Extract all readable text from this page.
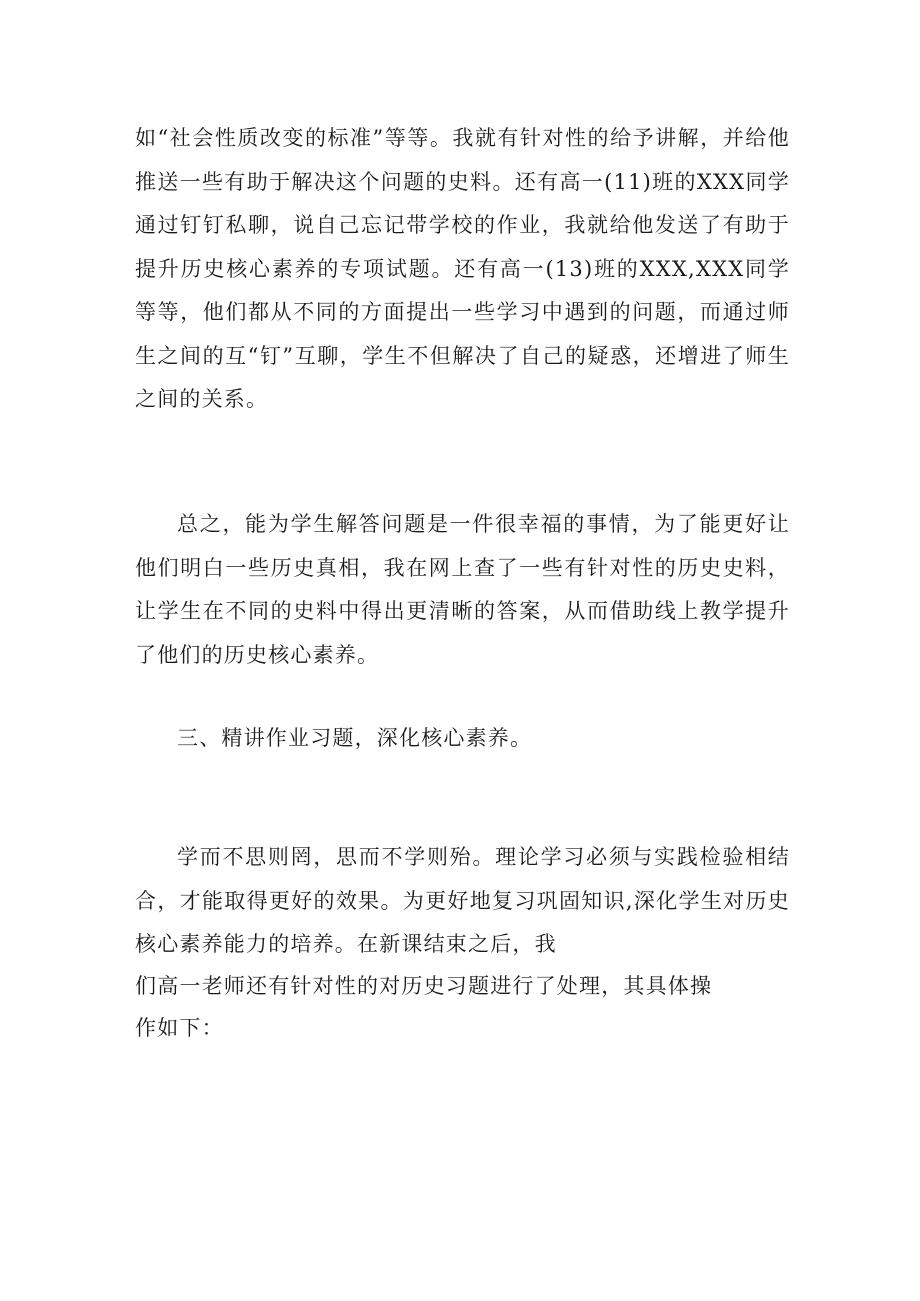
如“社会性质改变的标准”等等。我就有针对性的给予讲解，并给他推送一些有助于解决这个问题的史料。还有高一(11)班的XXX同学通过钉钉私聊，说自己忘记带学校的作业，我就给他发送了有助于提升历史核心素养的专项试题。还有高一(13)班的XXX,XXX同学等等，他们都从不同的方面提出一些学习中遇到的问题，而通过师生之间的互“钉”互聊，学生不但解决了自己的疑惑，还增进了师生之间的关系。

总之，能为学生解答问题是一件很幸福的事情，为了能更好让他们明白一些历史真相，我在网上查了一些有针对性的历史史料，让学生在不同的史料中得出更清晰的答案，从而借助线上教学提升了他们的历史核心素养。

三、精讲作业习题，深化核心素养。

学而不思则罔，思而不学则殆。理论学习必须与实践检验相结合，才能取得更好的效果。为更好地复习巩固知识,深化学生对历史核心素养能力的培养。在新课结束之后，我

们高一老师还有针对性的对历史习题进行了处理，其具体操

作如下：
